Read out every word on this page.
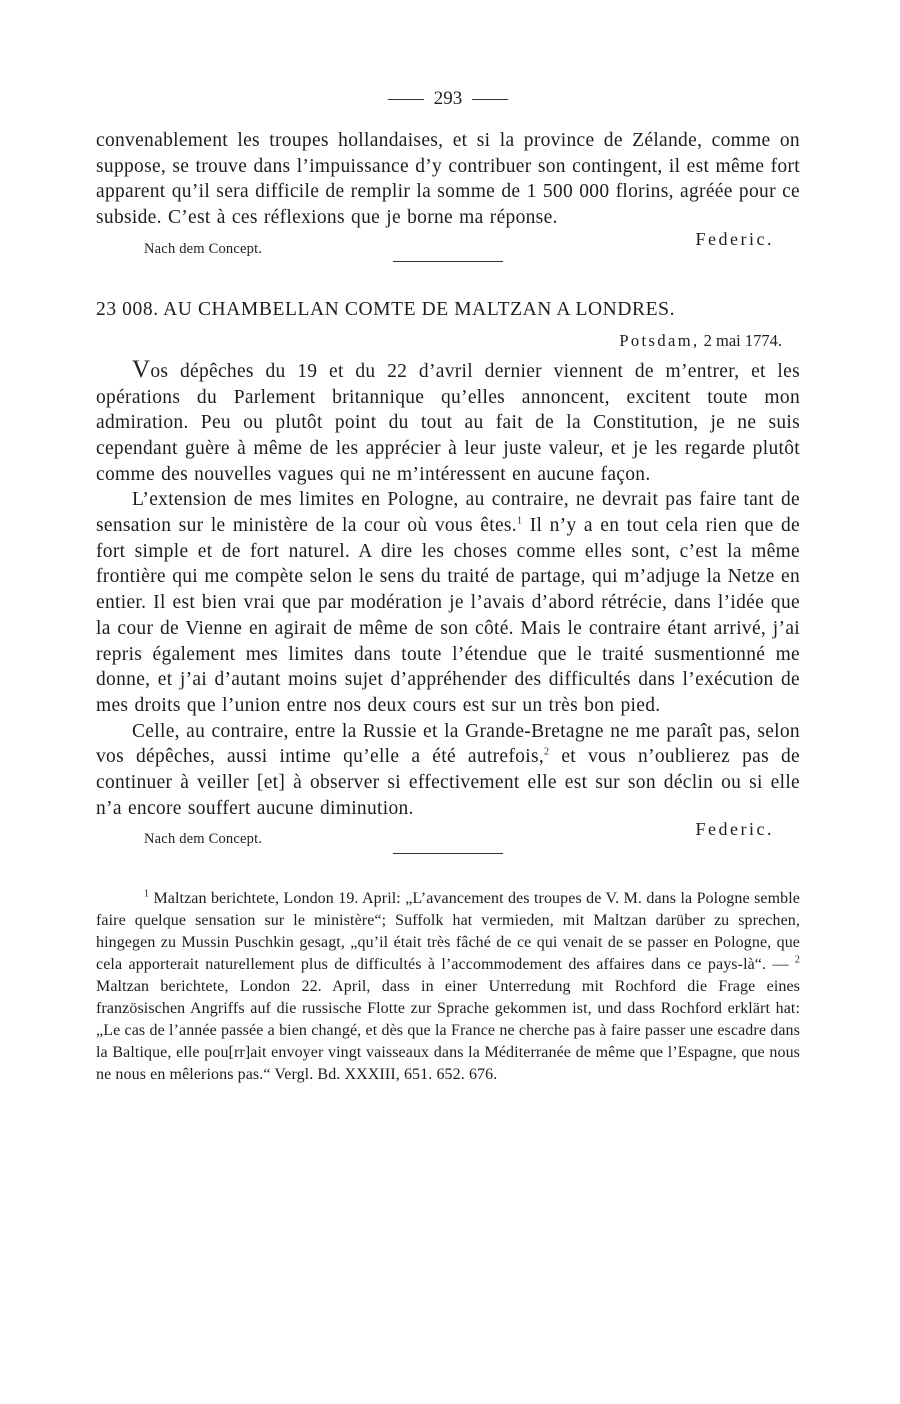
293

convenablement les troupes hollandaises, et si la province de Zélande, comme on suppose, se trouve dans l’impuissance d’y contribuer son contingent, il est même fort apparent qu’il sera difficile de remplir la somme de 1 500 000 florins, agréée pour ce subside. C’est à ces réflexions que je borne ma réponse.

Nach dem Concept.	Federic.

23 008. AU CHAMBELLAN COMTE DE MALTZAN A LONDRES.

Potsdam, 2 mai 1774.

Vos dépêches du 19 et du 22 d’avril dernier viennent de m’entrer, et les opérations du Parlement britannique qu’elles annoncent, excitent toute mon admiration. Peu ou plutôt point du tout au fait de la Constitution, je ne suis cependant guère à même de les apprécier à leur juste valeur, et je les regarde plutôt comme des nouvelles vagues qui ne m’intéressent en aucune façon.

L’extension de mes limites en Pologne, au contraire, ne devrait pas faire tant de sensation sur le ministère de la cour où vous êtes.$^1$ Il n’y a en tout cela rien que de fort simple et de fort naturel. A dire les choses comme elles sont, c’est la même frontière qui me compète selon le sens du traité de partage, qui m’adjuge la Netze en entier. Il est bien vrai que par modération je l’avais d’abord rétrécie, dans l’idée que la cour de Vienne en agirait de même de son côté. Mais le contraire étant arrivé, j’ai repris également mes limites dans toute l’étendue que le traité susmentionné me donne, et j’ai d’autant moins sujet d’appréhender des difficultés dans l’exécution de mes droits que l’union entre nos deux cours est sur un très bon pied.

Celle, au contraire, entre la Russie et la Grande-Bretagne ne me paraît pas, selon vos dépêches, aussi intime qu’elle a été autrefois,$^2$ et vous n’oublierez pas de continuer à veiller [et] à observer si effectivement elle est sur son déclin ou si elle n’a encore souffert aucune diminution.

Nach dem Concept.	Federic.

$^1$ Maltzan berichtete, London 19. April: „L’avancement des troupes de V. M. dans la Pologne semble faire quelque sensation sur le ministère“; Suffolk hat vermieden, mit Maltzan darüber zu sprechen, hingegen zu Mussin Puschkin gesagt, „qu’il était très fâché de ce qui venait de se passer en Pologne, que cela apporterait naturellement plus de difficultés à l’accommodement des affaires dans ce pays-là“. — $^2$ Maltzan berichtete, London 22. April, dass in einer Unterredung mit Rochford die Frage eines französischen Angriffs auf die russische Flotte zur Sprache gekommen ist, und dass Rochford erklärt hat: „Le cas de l’année passée a bien changé, et dès que la France ne cherche pas à faire passer une escadre dans la Baltique, elle pou[rr]ait envoyer vingt vaisseaux dans la Méditerranée de même que l’Espagne, que nous ne nous en mêlerions pas.“ Vergl. Bd. XXXIII, 651. 652. 676.
